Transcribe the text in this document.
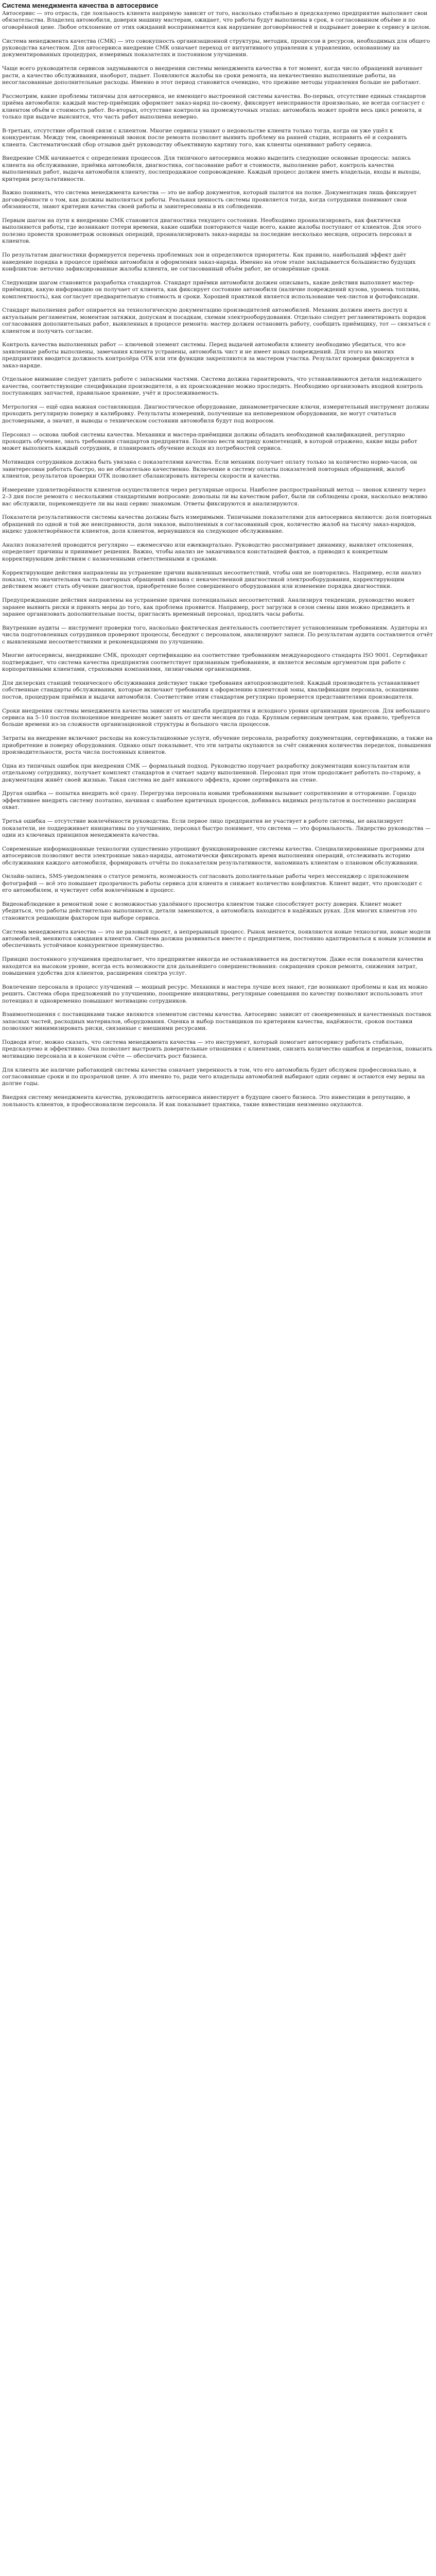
Система менеджмента качества в автосервисе

Автосервис — это отрасль, где лояльность клиента напрямую зависит от того, насколько стабильно и предсказуемо предприятие выполняет свои обязательства. Владелец автомобиля, доверяя машину мастерам, ожидает, что работы будут выполнены в срок, в согласованном объёме и по оговорённой цене. Любое отклонение от этих ожиданий воспринимается как нарушение договорённостей и подрывает доверие к сервису в целом.

Система менеджмента качества (СМК) — это совокупность организационной структуры, методик, процессов и ресурсов, необходимых для общего руководства качеством. Для автосервиса внедрение СМК означает переход от интуитивного управления к управлению, основанному на документированных процедурах, измеримых показателях и постоянном улучшении.

Чаще всего руководители сервисов задумываются о внедрении системы менеджмента качества в тот момент, когда число обращений начинает расти, а качество обслуживания, наоборот, падает. Появляются жалобы на сроки ремонта, на некачественно выполненные работы, на несогласованные дополнительные расходы. Именно в этот период становится очевидно, что прежние методы управления больше не работают.

Рассмотрим, какие проблемы типичны для автосервиса, не имеющего выстроенной системы качества. Во-первых, отсутствие единых стандартов приёма автомобиля: каждый мастер-приёмщик оформляет заказ-наряд по-своему, фиксирует неисправности произвольно, не всегда согласует с клиентом объём и стоимость работ. Во-вторых, отсутствие контроля на промежуточных этапах: автомобиль может пройти весь цикл ремонта, и только при выдаче выяснится, что часть работ выполнена неверно.

В-третьих, отсутствие обратной связи с клиентом. Многие сервисы узнают о недовольстве клиента только тогда, когда он уже ушёл к конкурентам. Между тем, своевременный звонок после ремонта позволяет выявить проблему на ранней стадии, исправить её и сохранить клиента. Систематический сбор отзывов даёт руководству объективную картину того, как клиенты оценивают работу сервиса.

Внедрение СМК начинается с определения процессов. Для типичного автосервиса можно выделить следующие основные процессы: запись клиента на обслуживание, приёмка автомобиля, диагностика, согласование работ и стоимости, выполнение работ, контроль качества выполненных работ, выдача автомобиля клиенту, послепродажное сопровождение. Каждый процесс должен иметь владельца, входы и выходы, критерии результативности.

Важно понимать, что система менеджмента качества — это не набор документов, который пылится на полке. Документация лишь фиксирует договорённости о том, как должны выполняться работы. Реальная ценность системы проявляется тогда, когда сотрудники понимают свои обязанности, знают критерии качества своей работы и заинтересованы в их соблюдении.

Первым шагом на пути к внедрению СМК становится диагностика текущего состояния. Необходимо проанализировать, как фактически выполняются работы, где возникают потери времени, какие ошибки повторяются чаще всего, какие жалобы поступают от клиентов. Для этого полезно провести хронометраж основных операций, проанализировать заказ-наряды за последние несколько месяцев, опросить персонал и клиентов.

По результатам диагностики формируется перечень проблемных зон и определяются приоритеты. Как правило, наибольший эффект даёт наведение порядка в процессе приёмки автомобиля и оформления заказ-наряда. Именно на этом этапе закладывается большинство будущих конфликтов: неточно зафиксированные жалобы клиента, не согласованный объём работ, не оговорённые сроки.

Следующим шагом становится разработка стандартов. Стандарт приёмки автомобиля должен описывать, какие действия выполняет мастер-приёмщик, какую информацию он получает от клиента, как фиксирует состояние автомобиля (наличие повреждений кузова, уровень топлива, комплектность), как согласует предварительную стоимость и сроки. Хорошей практикой является использование чек-листов и фотофиксации.

Стандарт выполнения работ опирается на технологическую документацию производителей автомобилей. Механик должен иметь доступ к актуальным регламентам, моментам затяжки, допускам и посадкам, схемам электрооборудования. Отдельно следует регламентировать порядок согласования дополнительных работ, выявленных в процессе ремонта: мастер должен остановить работу, сообщить приёмщику, тот — связаться с клиентом и получить согласие.

Контроль качества выполненных работ — ключевой элемент системы. Перед выдачей автомобиля клиенту необходимо убедиться, что все заявленные работы выполнены, замечания клиента устранены, автомобиль чист и не имеет новых повреждений. Для этого на многих предприятиях вводится должность контролёра ОТК или эти функции закрепляются за мастером участка. Результат проверки фиксируется в заказ-наряде.

Отдельное внимание следует уделить работе с запасными частями. Система должна гарантировать, что устанавливаются детали надлежащего качества, соответствующие спецификации производителя, а их происхождение можно проследить. Необходимо организовать входной контроль поступающих запчастей, правильное хранение, учёт и прослеживаемость.

Метрология — ещё одна важная составляющая. Диагностическое оборудование, динамометрические ключи, измерительный инструмент должны проходить регулярную поверку и калибровку. Результаты измерений, полученные на неповеренном оборудовании, не могут считаться достоверными, а значит, и выводы о техническом состоянии автомобиля будут под вопросом.

Персонал — основа любой системы качества. Механики и мастера-приёмщики должны обладать необходимой квалификацией, регулярно проходить обучение, знать требования стандартов предприятия. Полезно вести матрицу компетенций, в которой отражено, какие виды работ может выполнять каждый сотрудник, и планировать обучение исходя из потребностей сервиса.

Мотивация сотрудников должна быть увязана с показателями качества. Если механик получает оплату только за количество нормо-часов, он заинтересован работать быстро, но не обязательно качественно. Включение в систему оплаты показателей повторных обращений, жалоб клиентов, результатов проверки ОТК позволяет сбалансировать интересы скорости и качества.

Измерение удовлетворённости клиентов осуществляется через регулярные опросы. Наиболее распространённый метод — звонок клиенту через 2–3 дня после ремонта с несколькими стандартными вопросами: довольны ли вы качеством работ, были ли соблюдены сроки, насколько вежливо вас обслужили, порекомендуете ли вы наш сервис знакомым. Ответы фиксируются и анализируются.

Показатели результативности системы качества должны быть измеримыми. Типичными показателями для автосервиса являются: доля повторных обращений по одной и той же неисправности, доля заказов, выполненных в согласованный срок, количество жалоб на тысячу заказ-нарядов, индекс удовлетворённости клиентов, доля клиентов, вернувшихся на следующее обслуживание.

Анализ показателей проводится регулярно — ежемесячно или ежеквартально. Руководство рассматривает динамику, выявляет отклонения, определяет причины и принимает решения. Важно, чтобы анализ не заканчивался констатацией фактов, а приводил к конкретным корректирующим действиям с назначенными ответственными и сроками.

Корректирующие действия направлены на устранение причин выявленных несоответствий, чтобы они не повторялись. Например, если анализ показал, что значительная часть повторных обращений связана с некачественной диагностикой электрооборудования, корректирующим действием может стать обучение диагностов, приобретение более совершенного оборудования или изменение порядка диагностики.

Предупреждающие действия направлены на устранение причин потенциальных несоответствий. Анализируя тенденции, руководство может заранее выявить риски и принять меры до того, как проблема проявится. Например, рост загрузки в сезон смены шин можно предвидеть и заранее организовать дополнительные посты, пригласить временный персонал, продлить часы работы.

Внутренние аудиты — инструмент проверки того, насколько фактическая деятельность соответствует установленным требованиям. Аудиторы из числа подготовленных сотрудников проверяют процессы, беседуют с персоналом, анализируют записи. По результатам аудита составляется отчёт с выявленными несоответствиями и рекомендациями по улучшению.

Многие автосервисы, внедрившие СМК, проходят сертификацию на соответствие требованиям международного стандарта ISO 9001. Сертификат подтверждает, что система качества предприятия соответствует признанным требованиям, и является весомым аргументом при работе с корпоративными клиентами, страховыми компаниями, лизинговыми организациями.

Для дилерских станций технического обслуживания действуют также требования автопроизводителей. Каждый производитель устанавливает собственные стандарты обслуживания, которые включают требования к оформлению клиентской зоны, квалификации персонала, оснащению постов, процедурам приёмки и выдачи автомобиля. Соответствие этим стандартам регулярно проверяется представителями производителя.

Сроки внедрения системы менеджмента качества зависят от масштаба предприятия и исходного уровня организации процессов. Для небольшого сервиса на 5–10 постов полноценное внедрение может занять от шести месяцев до года. Крупным сервисным центрам, как правило, требуется больше времени из-за сложности организационной структуры и большого числа процессов.

Затраты на внедрение включают расходы на консультационные услуги, обучение персонала, разработку документации, сертификацию, а также на приобретение и поверку оборудования. Однако опыт показывает, что эти затраты окупаются за счёт снижения количества переделок, повышения производительности, роста числа постоянных клиентов.

Одна из типичных ошибок при внедрении СМК — формальный подход. Руководство поручает разработку документации консультантам или отдельному сотруднику, получает комплект стандартов и считает задачу выполненной. Персонал при этом продолжает работать по-старому, а документация живёт своей жизнью. Такая система не даёт никакого эффекта, кроме сертификата на стене.

Другая ошибка — попытка внедрить всё сразу. Перегрузка персонала новыми требованиями вызывает сопротивление и отторжение. Гораздо эффективнее внедрять систему поэтапно, начиная с наиболее критичных процессов, добиваясь видимых результатов и постепенно расширяя охват.

Третья ошибка — отсутствие вовлечённости руководства. Если первое лицо предприятия не участвует в работе системы, не анализирует показатели, не поддерживает инициативы по улучшению, персонал быстро понимает, что система — это формальность. Лидерство руководства — один из ключевых принципов менеджмента качества.

Современные информационные технологии существенно упрощают функционирование системы качества. Специализированные программы для автосервисов позволяют вести электронные заказ-наряды, автоматически фиксировать время выполнения операций, отслеживать историю обслуживания каждого автомобиля, формировать отчёты по показателям результативности, напоминать клиентам о плановом обслуживании.

Онлайн-запись, SMS-уведомления о статусе ремонта, возможность согласовать дополнительные работы через мессенджер с приложением фотографий — всё это повышает прозрачность работы сервиса для клиента и снижает количество конфликтов. Клиент видит, что происходит с его автомобилем, и чувствует себя вовлечённым в процесс.

Видеонаблюдение в ремонтной зоне с возможностью удалённого просмотра клиентом также способствует росту доверия. Клиент может убедиться, что работы действительно выполняются, детали заменяются, а автомобиль находится в надёжных руках. Для многих клиентов это становится решающим фактором при выборе сервиса.

Система менеджмента качества — это не разовый проект, а непрерывный процесс. Рынок меняется, появляются новые технологии, новые модели автомобилей, меняются ожидания клиентов. Система должна развиваться вместе с предприятием, постоянно адаптироваться к новым условиям и обеспечивать устойчивое конкурентное преимущество.

Принцип постоянного улучшения предполагает, что предприятие никогда не останавливается на достигнутом. Даже если показатели качества находятся на высоком уровне, всегда есть возможности для дальнейшего совершенствования: сокращения сроков ремонта, снижения затрат, повышения удобства для клиентов, расширения спектра услуг.

Вовлечение персонала в процесс улучшений — мощный ресурс. Механики и мастера лучше всех знают, где возникают проблемы и как их можно решить. Система сбора предложений по улучшению, поощрение инициативы, регулярные совещания по качеству позволяют использовать этот потенциал и одновременно повышают мотивацию сотрудников.

Взаимоотношения с поставщиками также являются элементом системы качества. Автосервис зависит от своевременных и качественных поставок запасных частей, расходных материалов, оборудования. Оценка и выбор поставщиков по критериям качества, надёжности, сроков поставки позволяют минимизировать риски, связанные с внешними ресурсами.

Подводя итог, можно сказать, что система менеджмента качества — это инструмент, который помогает автосервису работать стабильно, предсказуемо и эффективно. Она позволяет выстроить доверительные отношения с клиентами, снизить количество ошибок и переделок, повысить мотивацию персонала и в конечном счёте — обеспечить рост бизнеса.

Для клиента же наличие работающей системы качества означает уверенность в том, что его автомобиль будет обслужен профессионально, в согласованные сроки и по прозрачной цене. А это именно то, ради чего владельцы автомобилей выбирают один сервис и остаются ему верны на долгие годы.

Внедряя систему менеджмента качества, руководитель автосервиса инвестирует в будущее своего бизнеса. Это инвестиции в репутацию, в лояльность клиентов, в профессионализм персонала. И как показывает практика, такие инвестиции неизменно окупаются.
